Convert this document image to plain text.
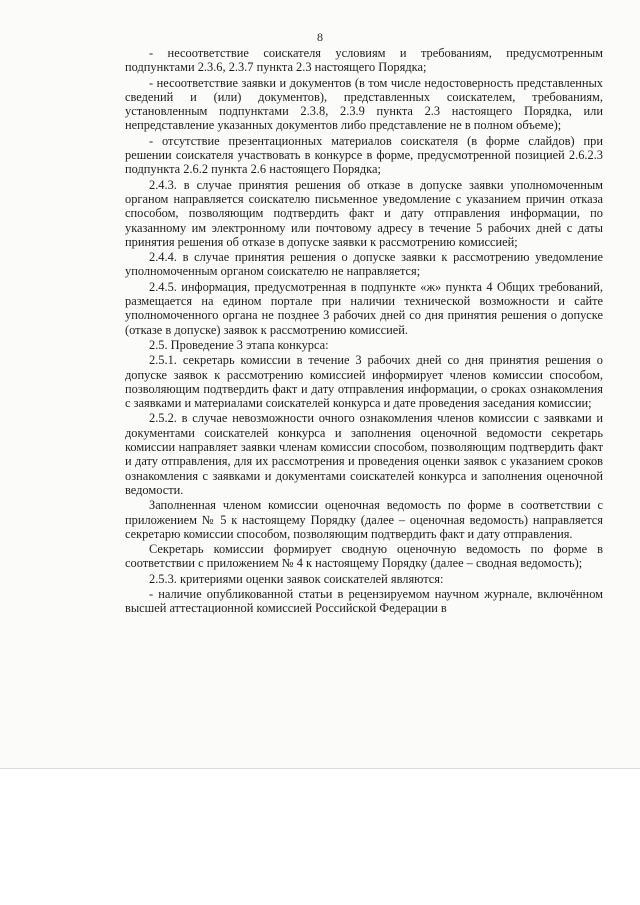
8

- несоответствие соискателя условиям и требованиям, предусмотренным подпунктами 2.3.6, 2.3.7 пункта 2.3 настоящего Порядка;

- несоответствие заявки и документов (в том числе недостоверность представленных сведений и (или) документов), представленных соискателем, требованиям, установленным подпунктами 2.3.8, 2.3.9 пункта 2.3 настоящего Порядка, или непредставление указанных документов либо представление не в полном объеме);

- отсутствие презентационных материалов соискателя (в форме слайдов) при решении соискателя участвовать в конкурсе в форме, предусмотренной позицией 2.6.2.3 подпункта 2.6.2 пункта 2.6 настоящего Порядка;

2.4.3. в случае принятия решения об отказе в допуске заявки уполномоченным органом направляется соискателю письменное уведомление с указанием причин отказа способом, позволяющим подтвердить факт и дату отправления информации, по указанному им электронному или почтовому адресу в течение 5 рабочих дней с даты принятия решения об отказе в допуске заявки к рассмотрению комиссией;

2.4.4. в случае принятия решения о допуске заявки к рассмотрению уведомление уполномоченным органом соискателю не направляется;

2.4.5. информация, предусмотренная в подпункте «ж» пункта 4 Общих требований, размещается на едином портале при наличии технической возможности и сайте уполномоченного органа не позднее 3 рабочих дней со дня принятия решения о допуске (отказе в допуске) заявок к рассмотрению комиссией.

2.5. Проведение 3 этапа конкурса:

2.5.1. секретарь комиссии в течение 3 рабочих дней со дня принятия решения о допуске заявок к рассмотрению комиссией информирует членов комиссии способом, позволяющим подтвердить факт и дату отправления информации, о сроках ознакомления с заявками и материалами соискателей конкурса и дате проведения заседания комиссии;

2.5.2. в случае невозможности очного ознакомления членов комиссии с заявками и документами соискателей конкурса и заполнения оценочной ведомости секретарь комиссии направляет заявки членам комиссии способом, позволяющим подтвердить факт и дату отправления, для их рассмотрения и проведения оценки заявок с указанием сроков ознакомления с заявками и документами соискателей конкурса и заполнения оценочной ведомости.

Заполненная членом комиссии оценочная ведомость по форме в соответствии с приложением № 5 к настоящему Порядку (далее – оценочная ведомость) направляется секретарю комиссии способом, позволяющим подтвердить факт и дату отправления.

Секретарь комиссии формирует сводную оценочную ведомость по форме в соответствии с приложением № 4 к настоящему Порядку (далее – сводная ведомость);

2.5.3. критериями оценки заявок соискателей являются:

- наличие опубликованной статьи в рецензируемом научном журнале, включённом высшей аттестационной комиссией Российской Федерации в
